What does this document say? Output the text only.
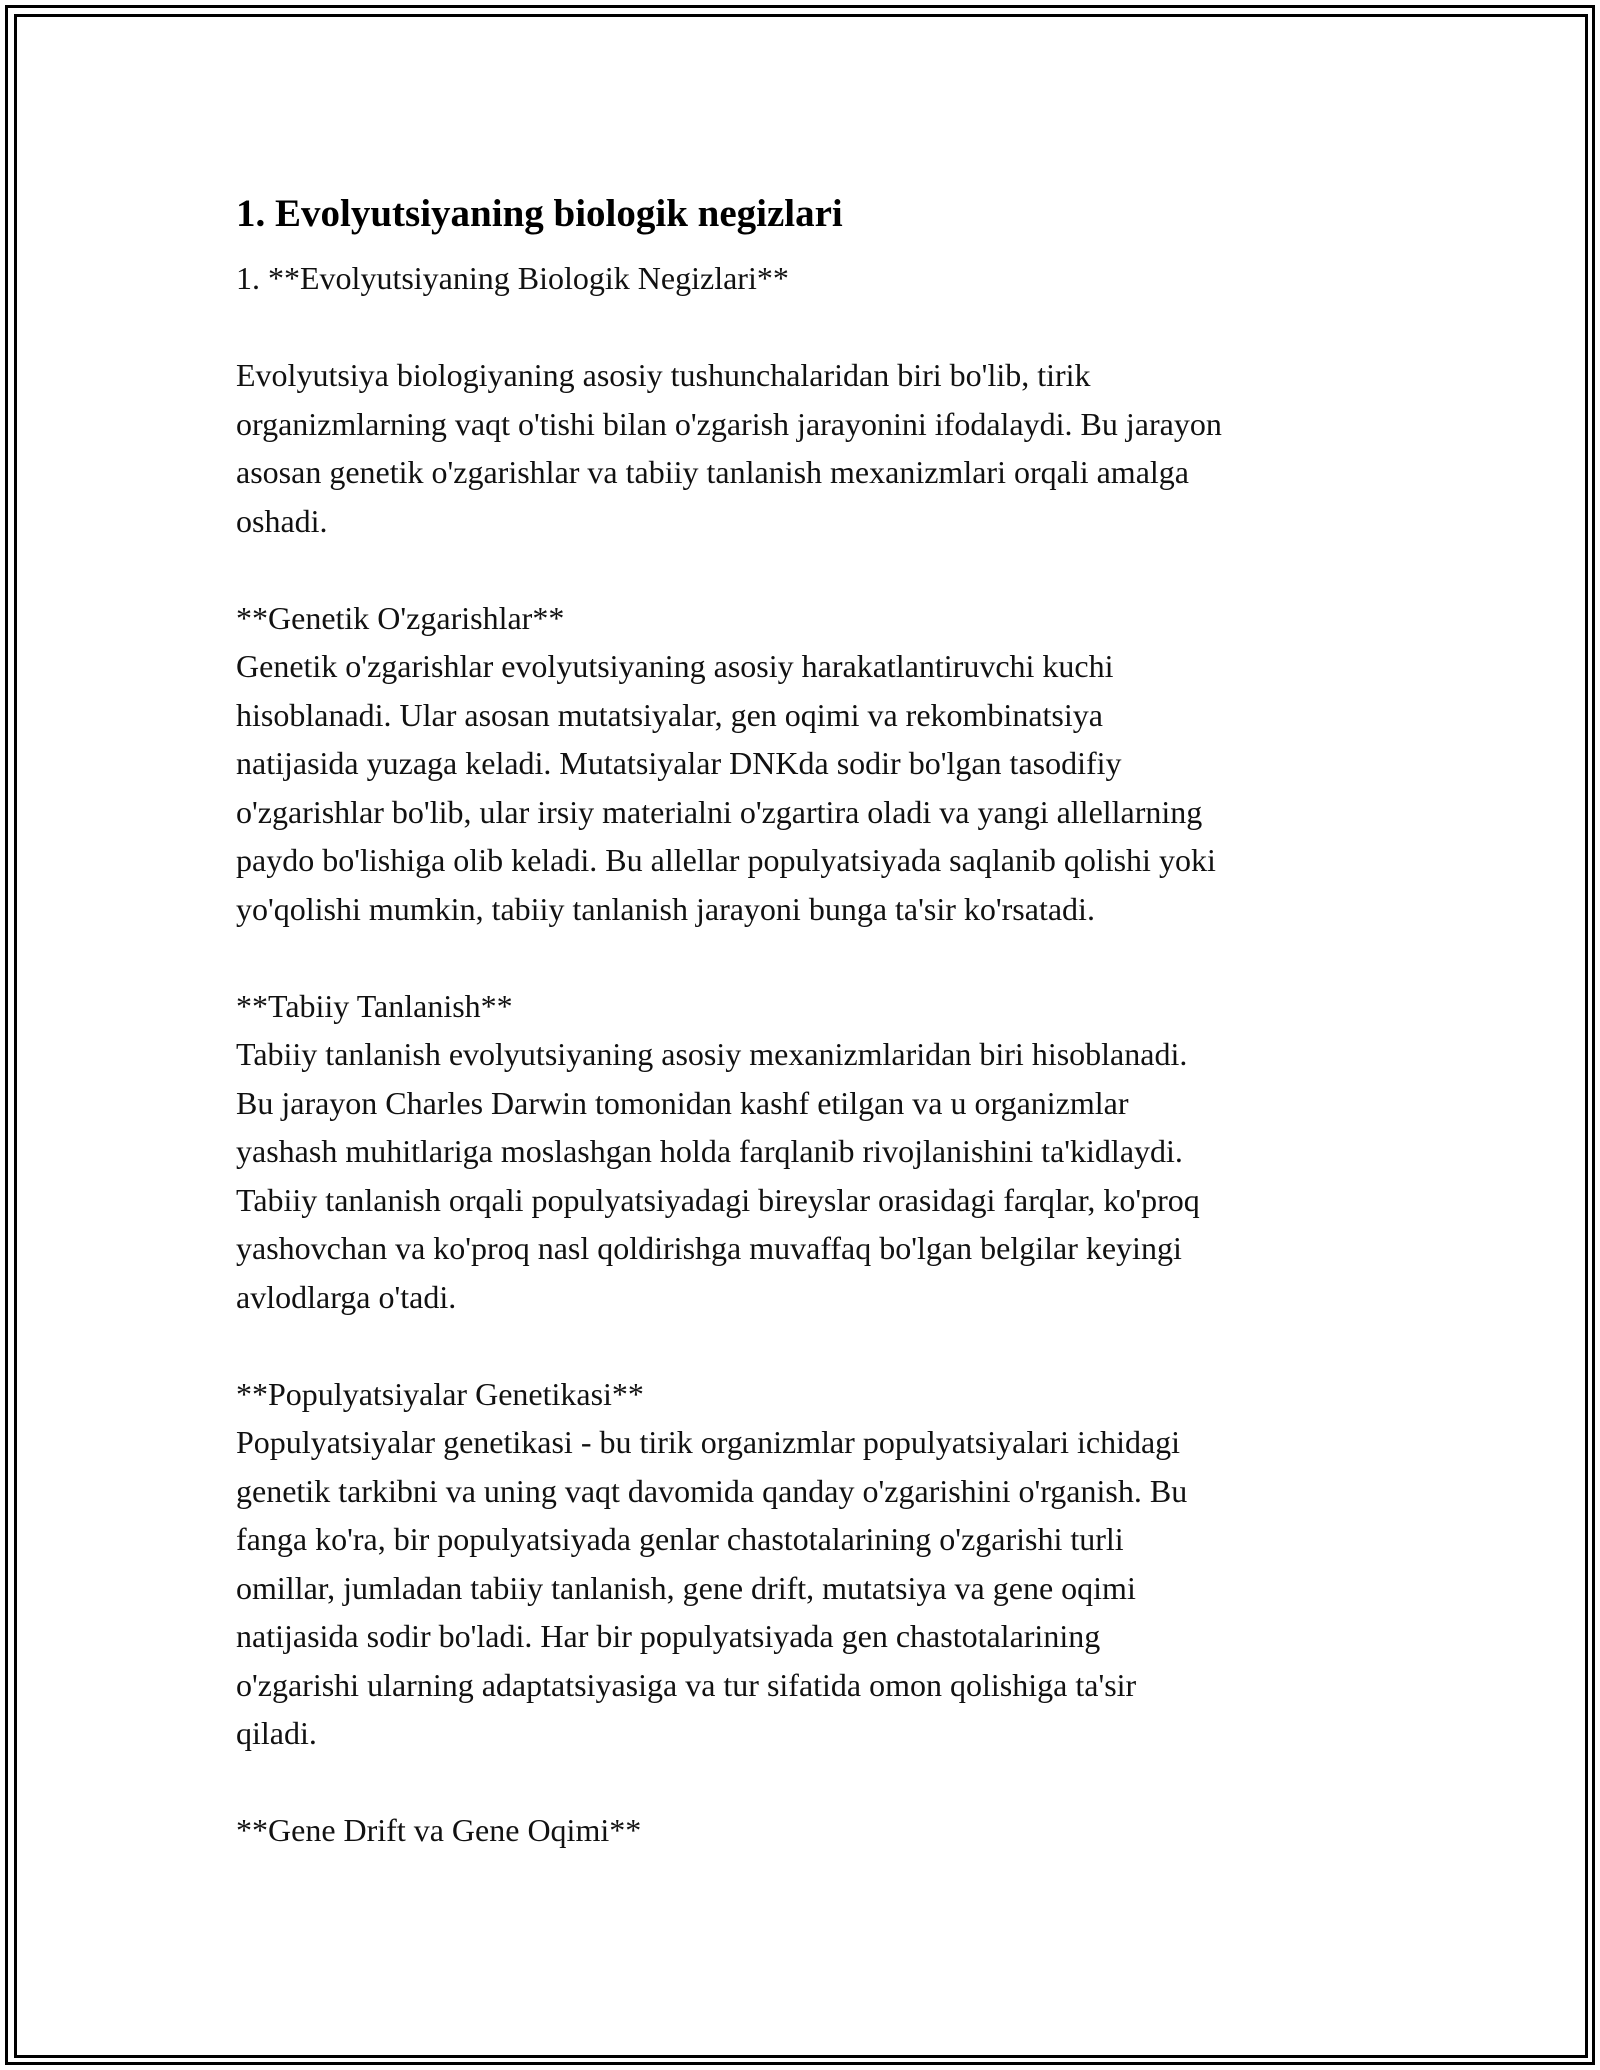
1. Evolyutsiyaning biologik negizlari

1. **Evolyutsiyaning Biologik Negizlari**

Evolyutsiya biologiyaning asosiy tushunchalaridan biri bo'lib, tirik
organizmlarning vaqt o'tishi bilan o'zgarish jarayonini ifodalaydi. Bu jarayon
asosan genetik o'zgarishlar va tabiiy tanlanish mexanizmlari orqali amalga
oshadi.

**Genetik O'zgarishlar**
Genetik o'zgarishlar evolyutsiyaning asosiy harakatlantiruvchi kuchi
hisoblanadi. Ular asosan mutatsiyalar, gen oqimi va rekombinatsiya
natijasida yuzaga keladi. Mutatsiyalar DNKda sodir bo'lgan tasodifiy
o'zgarishlar bo'lib, ular irsiy materialni o'zgartira oladi va yangi allellarning
paydo bo'lishiga olib keladi. Bu allellar populyatsiyada saqlanib qolishi yoki
yo'qolishi mumkin, tabiiy tanlanish jarayoni bunga ta'sir ko'rsatadi.

**Tabiiy Tanlanish**
Tabiiy tanlanish evolyutsiyaning asosiy mexanizmlaridan biri hisoblanadi.
Bu jarayon Charles Darwin tomonidan kashf etilgan va u organizmlar
yashash muhitlariga moslashgan holda farqlanib rivojlanishini ta'kidlaydi.
Tabiiy tanlanish orqali populyatsiyadagi bireyslar orasidagi farqlar, ko'proq
yashovchan va ko'proq nasl qoldirishga muvaffaq bo'lgan belgilar keyingi
avlodlarga o'tadi.

**Populyatsiyalar Genetikasi**
Populyatsiyalar genetikasi - bu tirik organizmlar populyatsiyalari ichidagi
genetik tarkibni va uning vaqt davomida qanday o'zgarishini o'rganish. Bu
fanga ko'ra, bir populyatsiyada genlar chastotalarining o'zgarishi turli
omillar, jumladan tabiiy tanlanish, gene drift, mutatsiya va gene oqimi
natijasida sodir bo'ladi. Har bir populyatsiyada gen chastotalarining
o'zgarishi ularning adaptatsiyasiga va tur sifatida omon qolishiga ta'sir
qiladi.

**Gene Drift va Gene Oqimi**
